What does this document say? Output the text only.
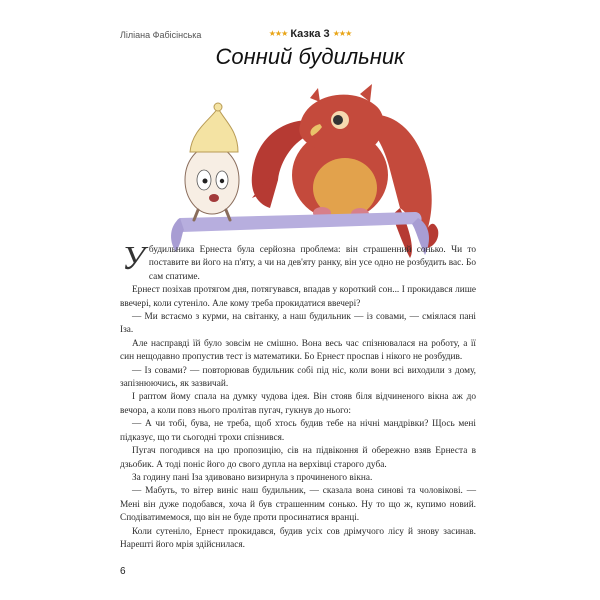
Ліліана Фабісінська	★★★ Казка 3 ★★★
Сонний будильник

Убудильника Ернеста була серйозна проблема: він страшенний сонько. Чи то поставите ви його на п'яту, а чи на дев'яту ранку, він усе одно не розбудить вас. Бо сам спатиме.

Ернест позіхав протягом дня, потягувався, впадав у короткий сон... І прокидався лише ввечері, коли сутеніло. Але кому треба прокидатися ввечері?

— Ми встаємо з курми, на світанку, а наш будильник — із совами, — сміялася пані Іза.

Але насправді їй було зовсім не смішно. Вона весь час спізнювалася на роботу, а її син нещодавно пропустив тест із математики. Бо Ернест проспав і нікого не розбудив.

— Із совами? — повторював будильник собі під ніс, коли вони всі виходили з дому, запізнюючись, як зазвичай.

І раптом йому спала на думку чудова ідея. Він стояв біля відчиненого вікна аж до вечора, а коли повз нього пролітав пугач, гукнув до нього:

— А чи тобі, бува, не треба, щоб хтось будив тебе на нічні мандрівки? Щось мені підказує, що ти сьогодні трохи спізнився.

Пугач погодився на цю пропозицію, сів на підвіконня й обережно взяв Ернеста в дзьобик. А тоді поніс його до свого дупла на верхівці старого дуба.

За годину пані Іза здивовано визирнула з прочиненого вікна.

— Мабуть, то вітер виніс наш будильник, — сказала вона синові та чоловікові. — Мені він дуже подобався, хоча й був страшенним сонько. Ну то що ж, купимо новий. Сподіватимемося, що він не буде проти просинатися вранці.

Коли сутеніло, Ернест прокидався, будив усіх сов дрімучого лісу й знову засинав. Нарешті його мрія здійснилася.

6
